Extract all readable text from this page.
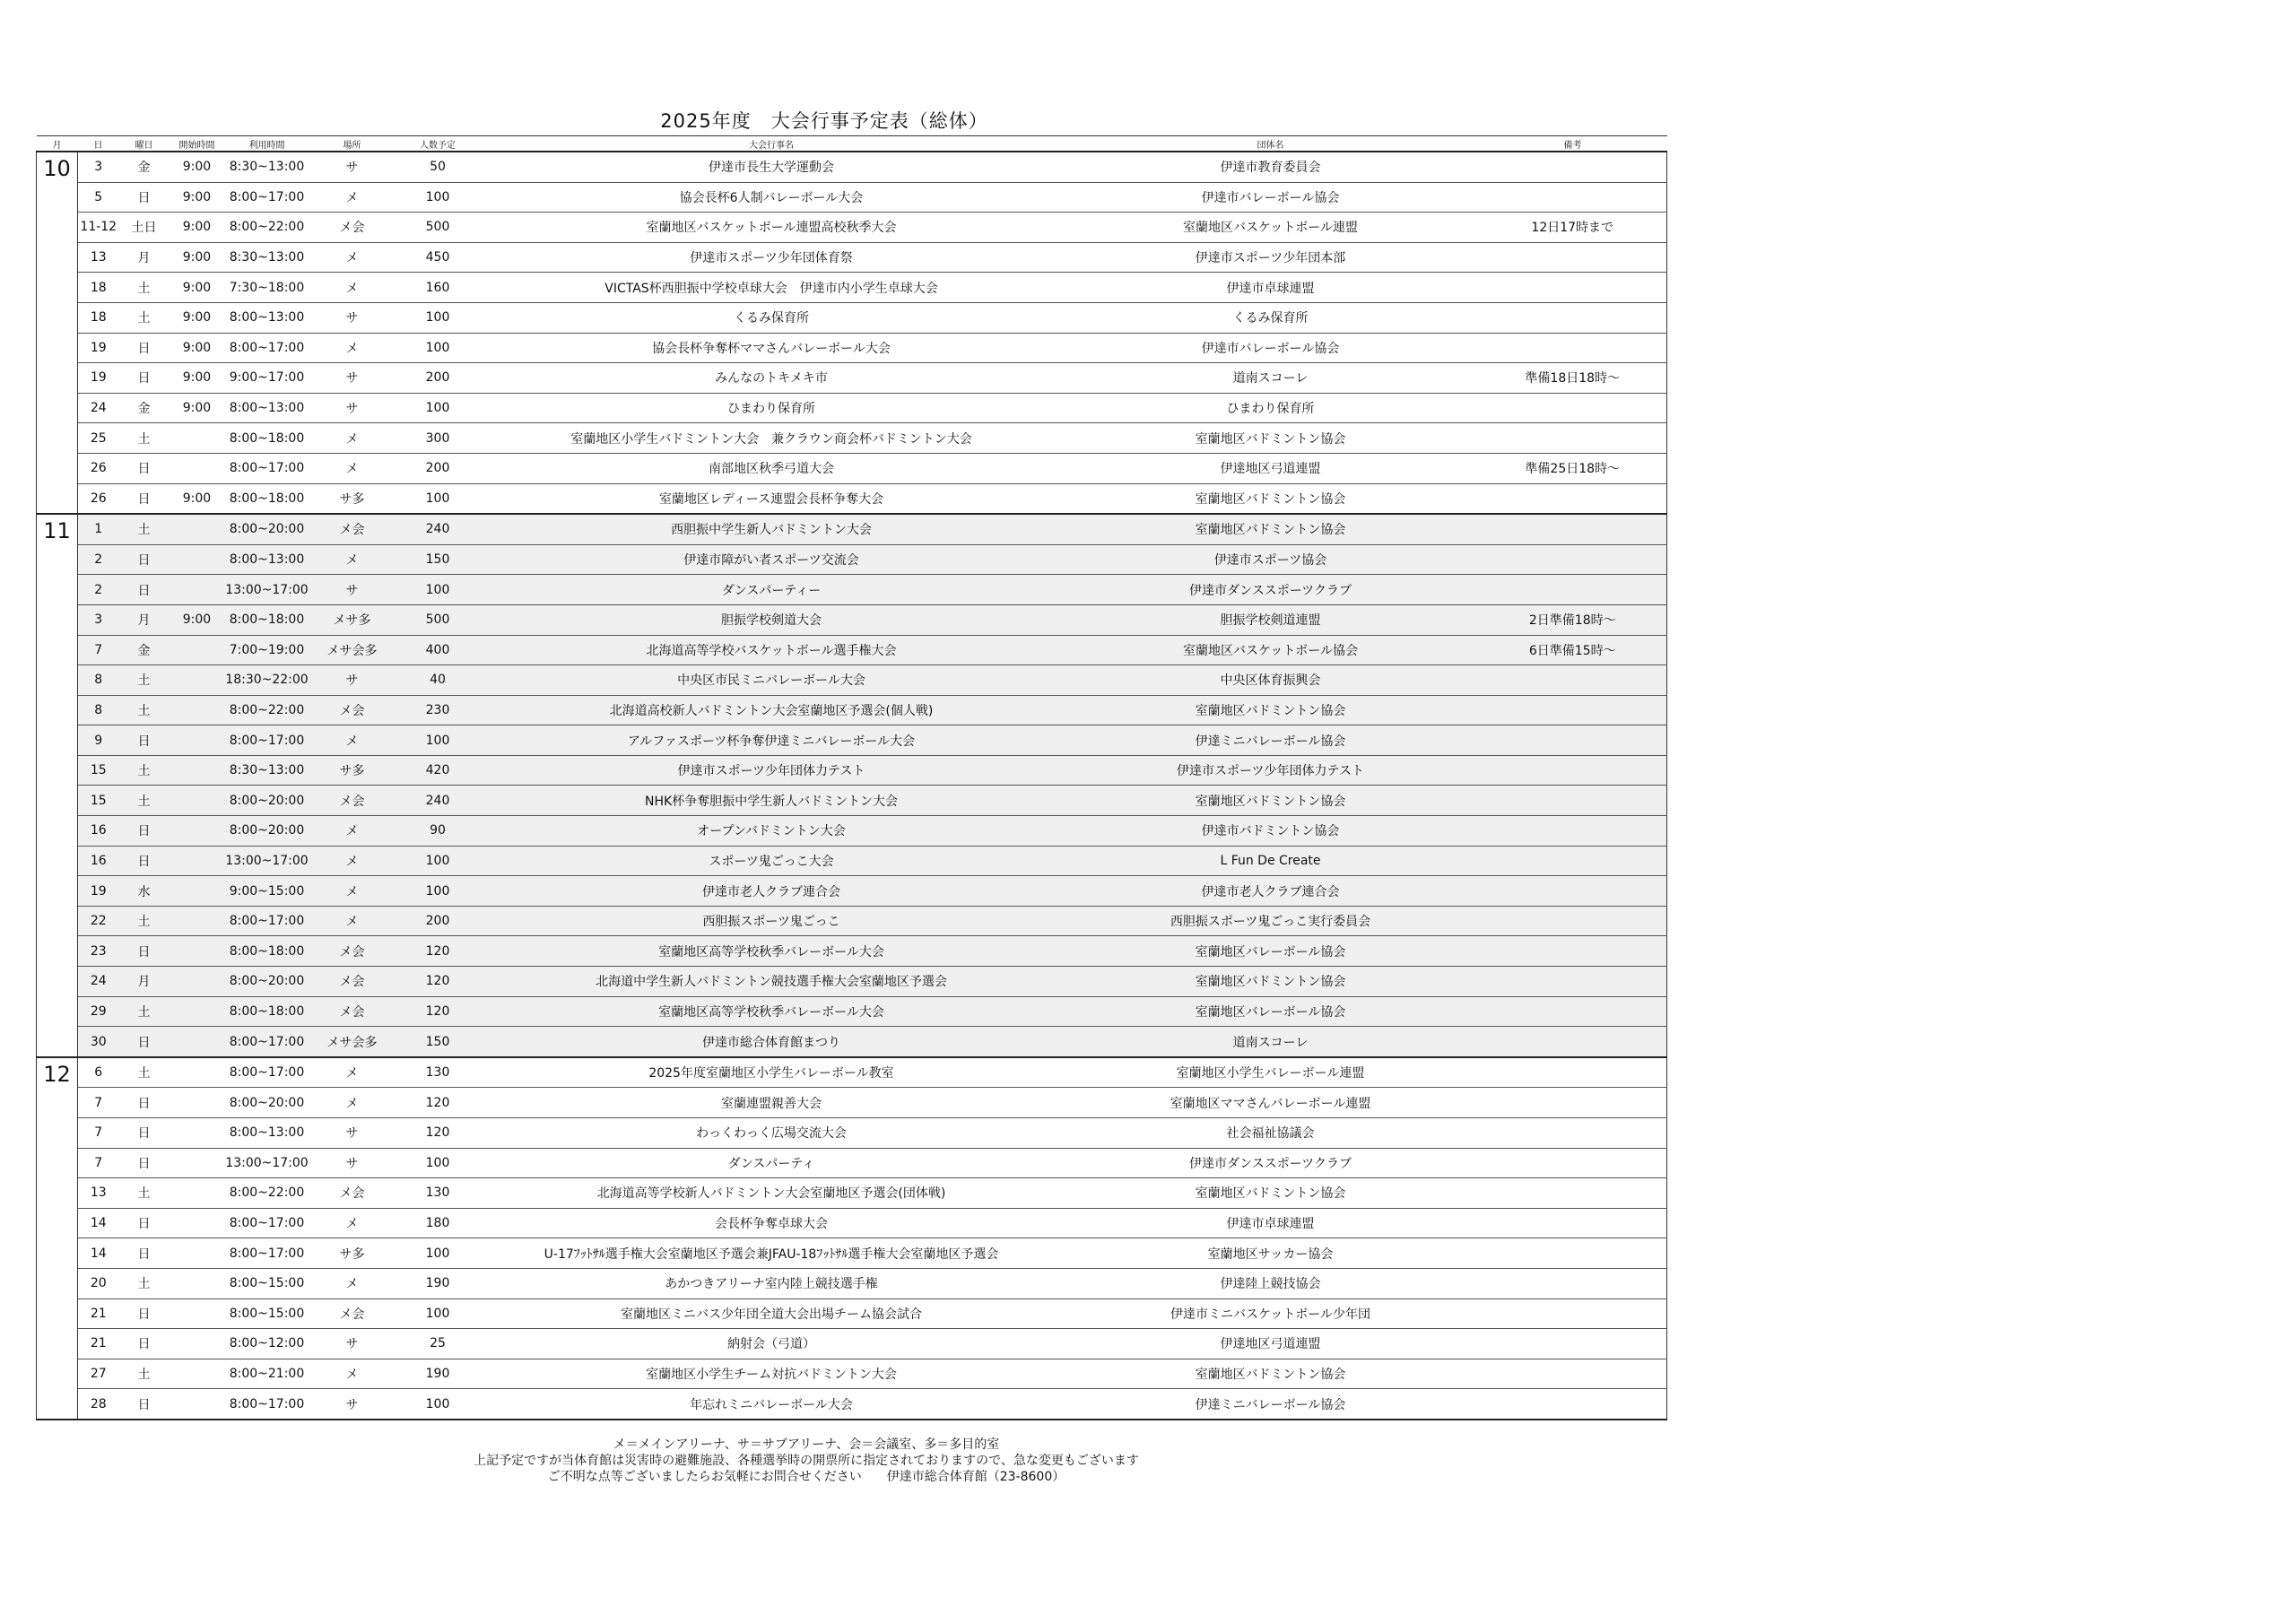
2025年度　大会行事予定表（総体）
月	日	曜日	開始時間	利用時間	場所	人数予定	大会行事名	団体名	備考
10	3	金	9:00	8:30~13:00	サ	50	伊達市長生大学運動会	伊達市教育委員会	
	5	日	9:00	8:00~17:00	メ	100	協会長杯6人制バレーボール大会	伊達市バレーボール協会	
	11-12	土日	9:00	8:00~22:00	メ会	500	室蘭地区バスケットボール連盟高校秋季大会	室蘭地区バスケットボール連盟	12日17時まで
	13	月	9:00	8:30~13:00	メ	450	伊達市スポーツ少年団体育祭	伊達市スポーツ少年団本部	
	18	土	9:00	7:30~18:00	メ	160	VICTAS杯西胆振中学校卓球大会　伊達市内小学生卓球大会	伊達市卓球連盟	
	18	土	9:00	8:00~13:00	サ	100	くるみ保育所	くるみ保育所	
	19	日	9:00	8:00~17:00	メ	100	協会長杯争奪杯ママさんバレーボール大会	伊達市バレーボール協会	
	19	日	9:00	9:00~17:00	サ	200	みんなのトキメキ市	道南スコーレ	準備18日18時～
	24	金	9:00	8:00~13:00	サ	100	ひまわり保育所	ひまわり保育所	
	25	土		8:00~18:00	メ	300	室蘭地区小学生バドミントン大会　兼クラウン商会杯バドミントン大会	室蘭地区バドミントン協会	
	26	日		8:00~17:00	メ	200	南部地区秋季弓道大会	伊達地区弓道連盟	準備25日18時～
	26	日	9:00	8:00~18:00	サ多	100	室蘭地区レディース連盟会長杯争奪大会	室蘭地区バドミントン協会	
11	1	土		8:00~20:00	メ会	240	西胆振中学生新人バドミントン大会	室蘭地区バドミントン協会	
	2	日		8:00~13:00	メ	150	伊達市障がい者スポーツ交流会	伊達市スポーツ協会	
	2	日		13:00~17:00	サ	100	ダンスパーティー	伊達市ダンススポーツクラブ	
	3	月	9:00	8:00~18:00	メサ多	500	胆振学校剣道大会	胆振学校剣道連盟	2日準備18時～
	7	金		7:00~19:00	メサ会多	400	北海道高等学校バスケットボール選手権大会	室蘭地区バスケットボール協会	6日準備15時～
	8	土		18:30~22:00	サ	40	中央区市民ミニバレーボール大会	中央区体育振興会	
	8	土		8:00~22:00	メ会	230	北海道高校新人バドミントン大会室蘭地区予選会(個人戦)	室蘭地区バドミントン協会	
	9	日		8:00~17:00	メ	100	アルファスポーツ杯争奪伊達ミニバレーボール大会	伊達ミニバレーボール協会	
	15	土		8:30~13:00	サ多	420	伊達市スポーツ少年団体力テスト	伊達市スポーツ少年団体力テスト	
	15	土		8:00~20:00	メ会	240	NHK杯争奪胆振中学生新人バドミントン大会	室蘭地区バドミントン協会	
	16	日		8:00~20:00	メ	90	オープンバドミントン大会	伊達市バドミントン協会	
	16	日		13:00~17:00	メ	100	スポーツ鬼ごっこ大会	L Fun De Create	
	19	水		9:00~15:00	メ	100	伊達市老人クラブ連合会	伊達市老人クラブ連合会	
	22	土		8:00~17:00	メ	200	西胆振スポーツ鬼ごっこ	西胆振スポーツ鬼ごっこ実行委員会	
	23	日		8:00~18:00	メ会	120	室蘭地区高等学校秋季バレーボール大会	室蘭地区バレーボール協会	
	24	月		8:00~20:00	メ会	120	北海道中学生新人バドミントン競技選手権大会室蘭地区予選会	室蘭地区バドミントン協会	
	29	土		8:00~18:00	メ会	120	室蘭地区高等学校秋季バレーボール大会	室蘭地区バレーボール協会	
	30	日		8:00~17:00	メサ会多	150	伊達市総合体育館まつり	道南スコーレ	
12	6	土		8:00~17:00	メ	130	2025年度室蘭地区小学生バレーボール教室	室蘭地区小学生バレーボール連盟	
	7	日		8:00~20:00	メ	120	室蘭連盟親善大会	室蘭地区ママさんバレーボール連盟	
	7	日		8:00~13:00	サ	120	わっくわっく広場交流大会	社会福祉協議会	
	7	日		13:00~17:00	サ	100	ダンスパーティ	伊達市ダンススポーツクラブ	
	13	土		8:00~22:00	メ会	130	北海道高等学校新人バドミントン大会室蘭地区予選会(団体戦)	室蘭地区バドミントン協会	
	14	日		8:00~17:00	メ	180	会長杯争奪卓球大会	伊達市卓球連盟	
	14	日		8:00~17:00	サ多	100	U-17ﾌｯﾄｻﾙ選手権大会室蘭地区予選会兼JFAU-18ﾌｯﾄｻﾙ選手権大会室蘭地区予選会	室蘭地区サッカー協会	
	20	土		8:00~15:00	メ	190	あかつきアリーナ室内陸上競技選手権	伊達陸上競技協会	
	21	日		8:00~15:00	メ会	100	室蘭地区ミニバス少年団全道大会出場チーム協会試合	伊達市ミニバスケットボール少年団	
	21	日		8:00~12:00	サ	25	納射会（弓道）	伊達地区弓道連盟	
	27	土		8:00~21:00	メ	190	室蘭地区小学生チーム対抗バドミントン大会	室蘭地区バドミントン協会	
	28	日		8:00~17:00	サ	100	年忘れミニバレーボール大会	伊達ミニバレーボール協会	
メ＝メインアリーナ、サ＝サブアリーナ、会＝会議室、多＝多目的室
上記予定ですが当体育館は災害時の避難施設、各種選挙時の開票所に指定されておりますので、急な変更もございます
ご不明な点等ございましたらお気軽にお問合せください　　伊達市総合体育館（23-8600）
